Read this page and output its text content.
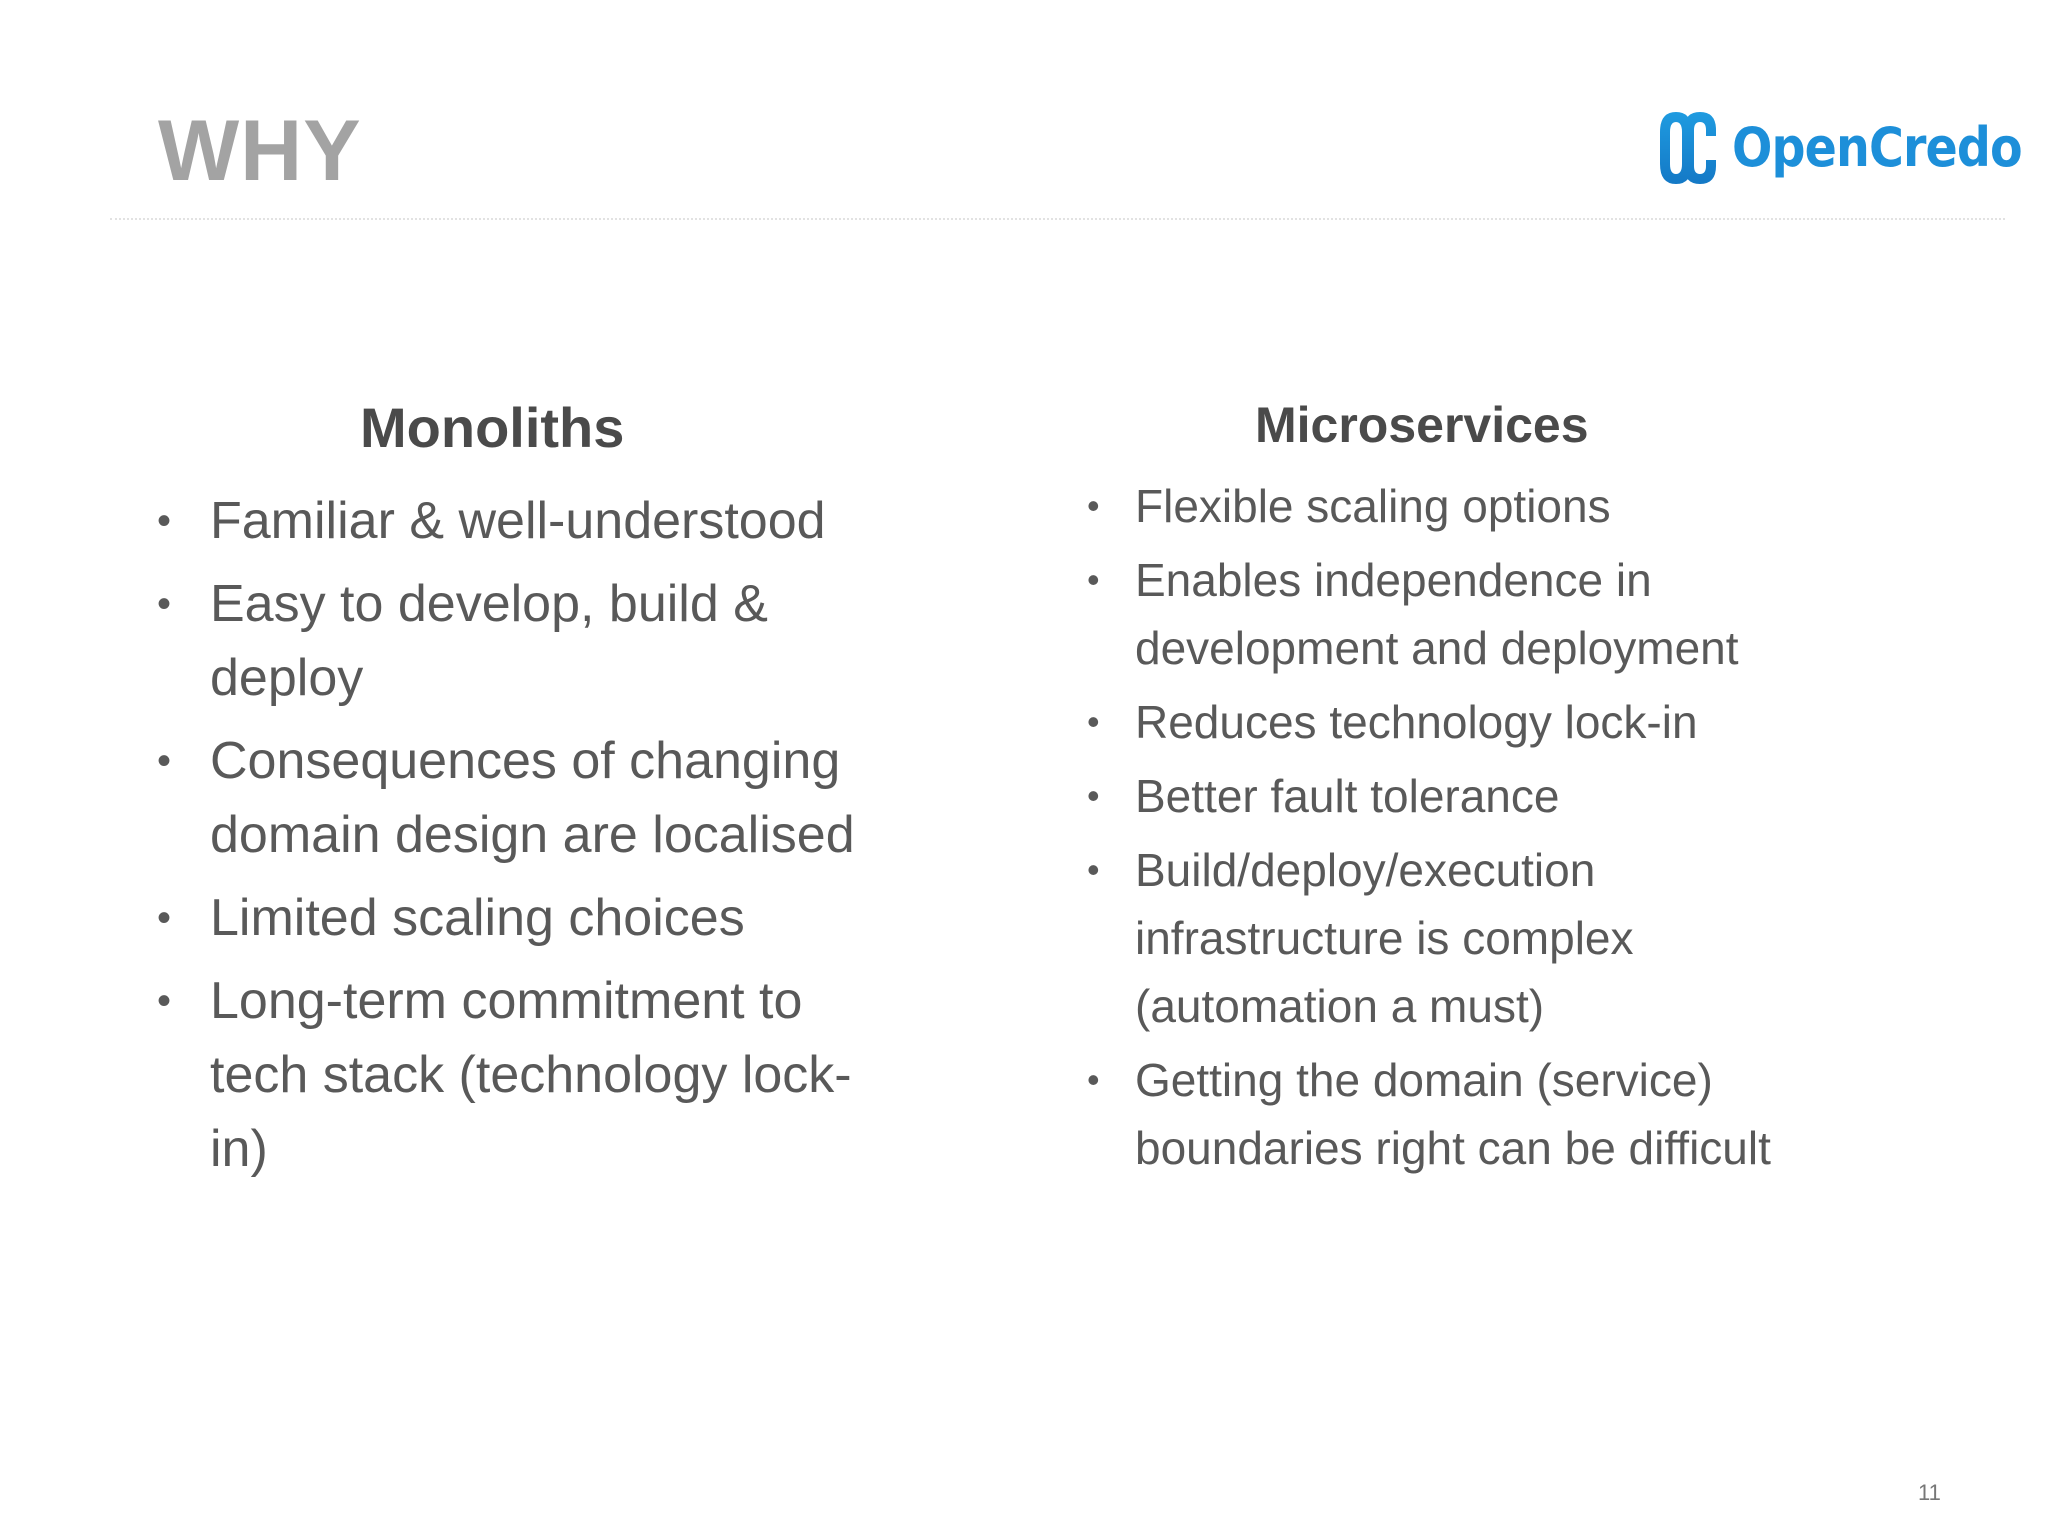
WHY	OpenCredo
Monoliths
• Familiar & well-understood
• Easy to develop, build & deploy
• Consequences of changing domain design are localised
• Limited scaling choices
• Long-term commitment to tech stack (technology lock-in)
Microservices
• Flexible scaling options
• Enables independence in development and deployment
• Reduces technology lock-in
• Better fault tolerance
• Build/deploy/execution infrastructure is complex (automation a must)
• Getting the domain (service) boundaries right can be difficult
11
